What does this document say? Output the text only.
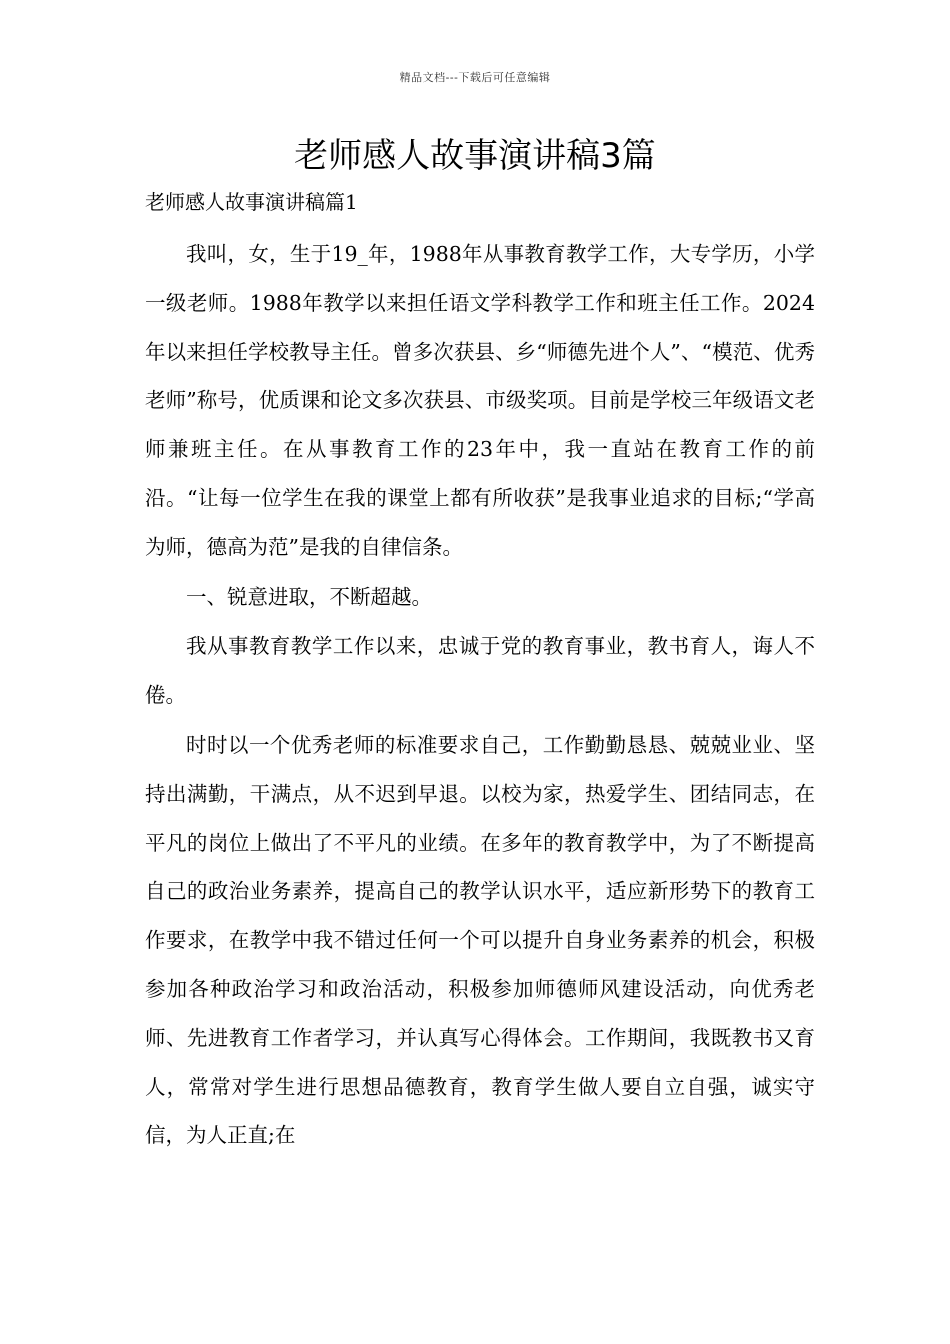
精品文档---下载后可任意编辑
老师感人故事演讲稿3篇
老师感人故事演讲稿篇1

我叫，女，生于19_年，1988年从事教育教学工作，大专学历，小学一级老师。1988年教学以来担任语文学科教学工作和班主任工作。2024年以来担任学校教导主任。曾多次获县、乡“师德先进个人”、“模范、优秀老师”称号，优质课和论文多次获县、市级奖项。目前是学校三年级语文老师兼班主任。在从事教育工作的23年中，我一直站在教育工作的前沿。“让每一位学生在我的课堂上都有所收获”是我事业追求的目标;“学高为师，德高为范”是我的自律信条。

一、锐意进取，不断超越。

我从事教育教学工作以来，忠诚于党的教育事业，教书育人，诲人不倦。

时时以一个优秀老师的标准要求自己，工作勤勤恳恳、兢兢业业、坚持出满勤，干满点，从不迟到早退。以校为家，热爱学生、团结同志，在平凡的岗位上做出了不平凡的业绩。在多年的教育教学中，为了不断提高自己的政治业务素养，提高自己的教学认识水平，适应新形势下的教育工作要求，在教学中我不错过任何一个可以提升自身业务素养的机会，积极参加各种政治学习和政治活动，积极参加师德师风建设活动，向优秀老师、先进教育工作者学习，并认真写心得体会。工作期间，我既教书又育人，常常对学生进行思想品德教育，教育学生做人要自立自强，诚实守信，为人正直;在
